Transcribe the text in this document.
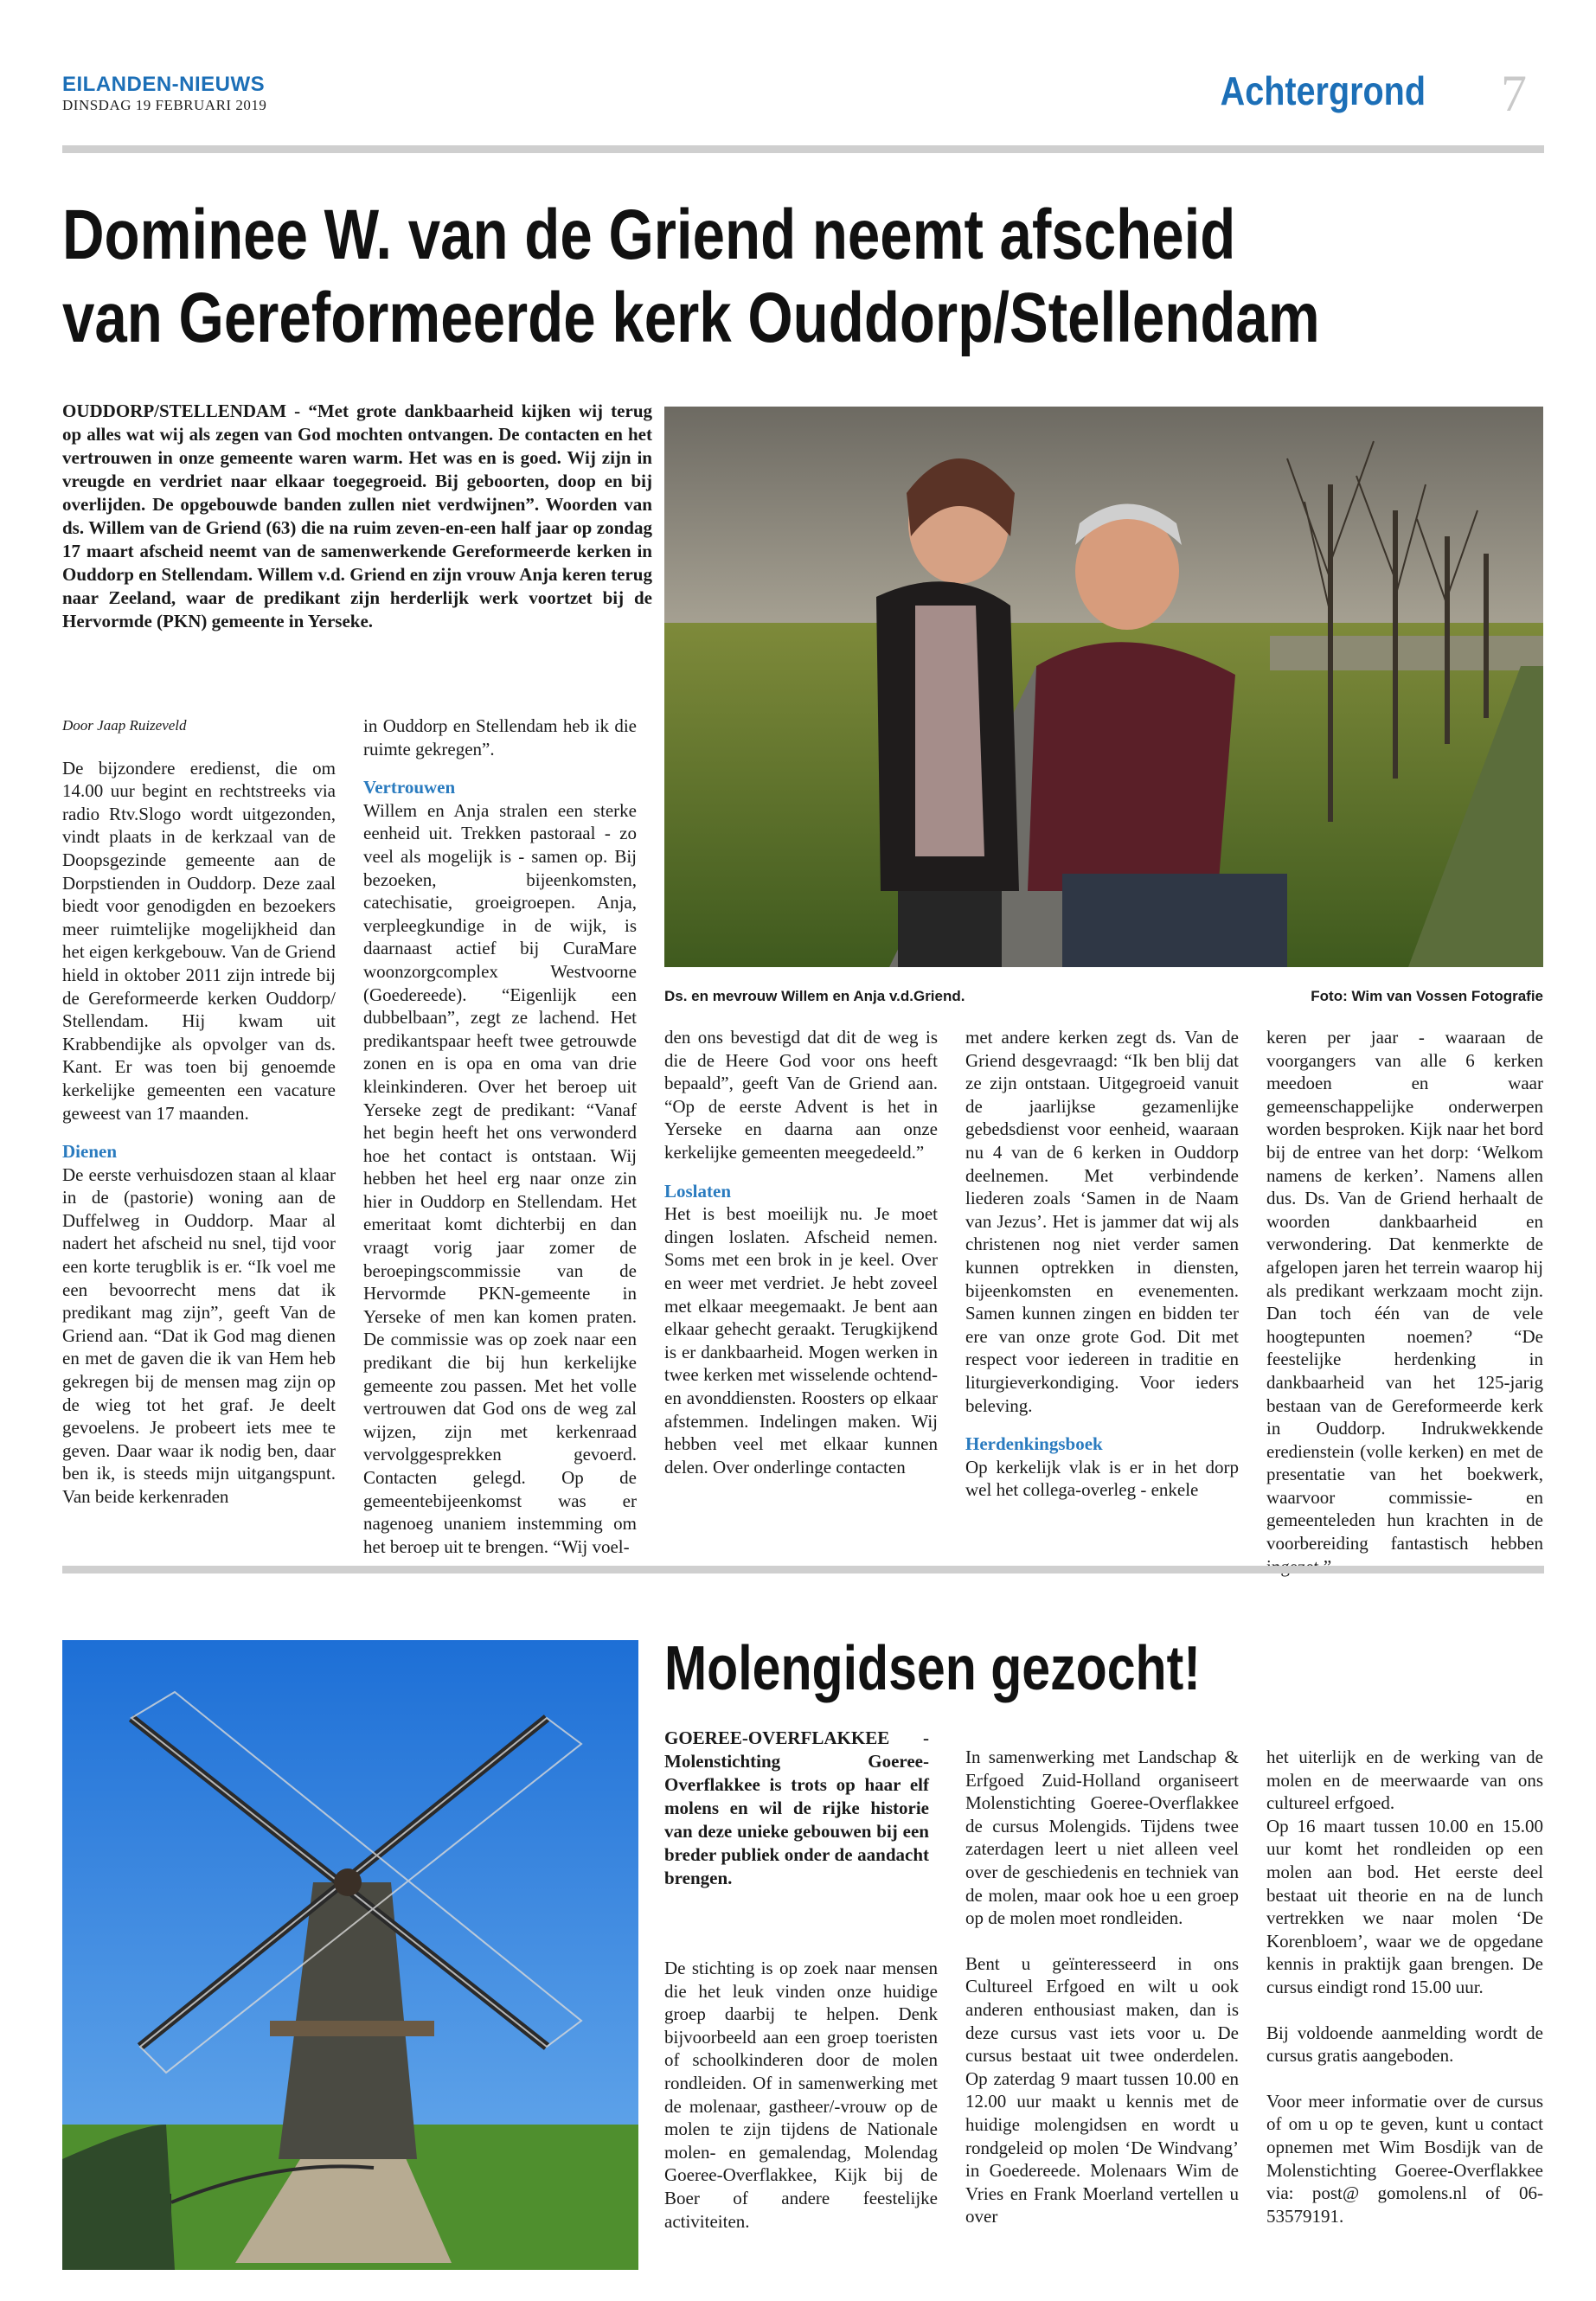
EILANDEN-NIEUWS
DINSDAG 19 FEBRUARI 2019	Achtergrond 7
Dominee W. van de Griend neemt afscheid
van Gereformeerde kerk Ouddorp/Stellendam
OUDDORP/STELLENDAM - “Met grote dankbaarheid kijken wij terug op alles wat wij als zegen van God mochten ontvangen. De contacten en het vertrouwen in onze gemeente waren warm. Het was en is goed. Wij zijn in vreugde en verdriet naar elkaar toegegroeid. Bij geboorten, doop en bij overlijden. De opgebouwde banden zullen niet verdwijnen”. Woorden van ds. Willem van de Griend (63) die na ruim zeven-en-een half jaar op zondag 17 maart afscheid neemt van de samenwerkende Gereformeerde kerken in Ouddorp en Stellendam. Willem v.d. Griend en zijn vrouw Anja keren terug naar Zeeland, waar de predikant zijn herderlijk werk voortzet bij de Hervormde (PKN) gemeente in Yerseke.
Ds. en mevrouw Willem en Anja v.d.Griend.	Foto: Wim van Vossen Fotografie

Door Jaap Ruizeveld

De bijzondere eredienst, die om 14.00 uur begint en rechtstreeks via radio Rtv.Slogo wordt uitgezonden, vindt plaats in de kerkzaal van de Doopsgezinde gemeente aan de Dorpstienden in Ouddorp. Deze zaal biedt voor genodigden en bezoekers meer ruimtelijke mogelijkheid dan het eigen kerkgebouw. Van de Griend hield in oktober 2011 zijn intrede bij de Gereformeerde kerken Ouddorp/ Stellendam. Hij kwam uit Krabbendijke als opvolger van ds. Kant. Er was toen bij genoemde kerkelijke gemeenten een vacature geweest van 17 maanden.

Dienen

De eerste verhuisdozen staan al klaar in de (pastorie) woning aan de Duffelweg in Ouddorp. Maar al nadert het afscheid nu snel, tijd voor een korte terugblik is er. “Ik voel me een bevoorrecht mens dat ik predikant mag zijn”, geeft Van de Griend aan. “Dat ik God mag dienen en met de gaven die ik van Hem heb gekregen bij de mensen mag zijn op de wieg tot het graf. Je deelt gevoelens. Je probeert iets mee te geven. Daar waar ik nodig ben, daar ben ik, is steeds mijn uitgangspunt. Van beide kerkenraden

in Ouddorp en Stellendam heb ik die ruimte gekregen”.

Vertrouwen

Willem en Anja stralen een sterke eenheid uit. Trekken pastoraal - zo veel als mogelijk is - samen op. Bij bezoeken, bijeenkomsten, catechisatie, groeigroepen. Anja, verpleegkundige in de wijk, is daarnaast actief bij CuraMare woonzorgcomplex Westvoorne (Goedereede). “Eigenlijk een dubbelbaan”, zegt ze lachend. Het predikantspaar heeft twee getrouwde zonen en is opa en oma van drie kleinkinderen. Over het beroep uit Yerseke zegt de predikant: “Vanaf het begin heeft het ons verwonderd hoe het contact is ontstaan. Wij hebben het heel erg naar onze zin hier in Ouddorp en Stellendam. Het emeritaat komt dichterbij en dan vraagt vorig jaar zomer de beroepingscommissie van de Hervormde PKN-gemeente in Yerseke of men kan komen praten. De commissie was op zoek naar een predikant die bij hun kerkelijke gemeente zou passen. Met het volle vertrouwen dat God ons de weg zal wijzen, zijn met kerkenraad vervolggesprekken gevoerd. Contacten gelegd. Op de gemeentebijeenkomst was er nagenoeg unaniem instemming om het beroep uit te brengen. “Wij voel-

den ons bevestigd dat dit de weg is die de Heere God voor ons heeft bepaald”, geeft Van de Griend aan. “Op de eerste Advent is het in Yerseke en daarna aan onze kerkelijke gemeenten meegedeeld.”

Loslaten

Het is best moeilijk nu. Je moet dingen loslaten. Afscheid nemen. Soms met een brok in je keel. Over en weer met verdriet. Je hebt zoveel met elkaar meegemaakt. Je bent aan elkaar gehecht geraakt. Terugkijkend is er dankbaarheid. Mogen werken in twee kerken met wisselende ochtend- en avonddiensten. Roosters op elkaar afstemmen. Indelingen maken. Wij hebben veel met elkaar kunnen delen. Over onderlinge contacten

met andere kerken zegt ds. Van de Griend desgevraagd: “Ik ben blij dat ze zijn ontstaan. Uitgegroeid vanuit de jaarlijkse gezamenlijke gebedsdienst voor eenheid, waaraan nu 4 van de 6 kerken in Ouddorp deelnemen. Met verbindende liederen zoals ‘Samen in de Naam van Jezus’. Het is jammer dat wij als christenen nog niet verder samen kunnen optrekken in diensten, bijeenkomsten en evenementen. Samen kunnen zingen en bidden ter ere van onze grote God. Dit met respect voor iedereen in traditie en liturgieverkondiging. Voor ieders beleving.

Herdenkingsboek

Op kerkelijk vlak is er in het dorp wel het collega-overleg - enkele

keren per jaar - waaraan de voorgangers van alle 6 kerken meedoen en waar gemeenschappelijke onderwerpen worden besproken. Kijk naar het bord bij de entree van het dorp: ‘Welkom namens de kerken’. Namens allen dus. Ds. Van de Griend herhaalt de woorden dankbaarheid en verwondering. Dat kenmerkte de afgelopen jaren het terrein waarop hij als predikant werkzaam mocht zijn. Dan toch één van de vele hoogtepunten noemen? “De feestelijke herdenking in dankbaarheid van het 125-jarig bestaan van de Gereformeerde kerk in Ouddorp. Indrukwekkende eredienstein (volle kerken) en met de presentatie van het boekwerk, waarvoor commissie- en gemeenteleden hun krachten in de voorbereiding fantastisch hebben

Molengidsen gezocht!
GOEREE-OVERFLAKKEE - Molenstichting Goeree-Overflakkee is trots op haar elf molens en wil de rijke historie van deze unieke gebouwen bij een breder publiek onder de aandacht brengen.

De stichting is op zoek naar mensen die het leuk vinden onze huidige groep daarbij te helpen. Denk bijvoorbeeld aan een groep toeristen of schoolkinderen door de molen rondleiden. Of in samenwerking met de molenaar, gastheer/-vrouw op de molen te zijn tijdens de Nationale molen- en gemalendag, Molendag Goeree-Overflakkee, Kijk bij de Boer of andere feestelijke activiteiten.

In samenwerking met Landschap & Erfgoed Zuid-Holland organiseert Molenstichting Goeree-Overflakkee de cursus Molengids. Tijdens twee zaterdagen leert u niet alleen veel over de geschiedenis en techniek van de molen, maar ook hoe u een groep op de molen moet rondleiden.

Bent u geïnteresseerd in ons Cultureel Erfgoed en wilt u ook anderen enthousiast maken, dan is deze cursus vast iets voor u. De cursus bestaat uit twee onderdelen. Op zaterdag 9 maart tussen 10.00 en 12.00 uur maakt u kennis met de huidige molengidsen en wordt u rondgeleid op molen ‘De Windvang’ in Goedereede. Molenaars Wim de Vries en Frank Moerland vertellen u over

het uiterlijk en de werking van de molen en de meerwaarde van ons cultureel erfgoed.

Op 16 maart tussen 10.00 en 15.00 uur komt het rondleiden op een molen aan bod. Het eerste deel bestaat uit theorie en na de lunch vertrekken we naar molen ‘De Korenbloem’, waar we de opgedane kennis in praktijk gaan brengen. De cursus eindigt rond 15.00 uur.

Bij voldoende aanmelding wordt de cursus gratis aangeboden.

Voor meer informatie over de cursus of om u op te geven, kunt u contact opnemen met Wim Bosdijk van de Molenstichting Goeree-Overflakkee via: post@ gomolens.nl of 06-53579191.
